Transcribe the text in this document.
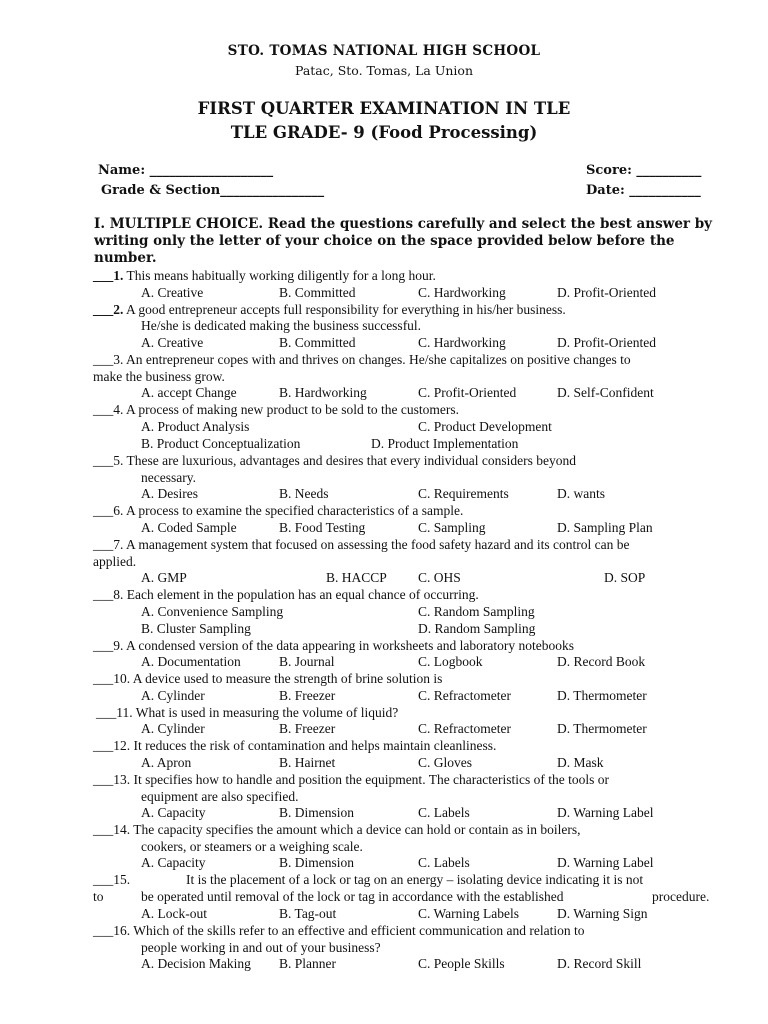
STO. TOMAS NATIONAL HIGH SCHOOL
Patac, Sto. Tomas, La Union
FIRST QUARTER EXAMINATION IN TLE
TLE GRADE- 9 (Food Processing)
Name: ___________________	Score: __________
Grade & Section________________	Date: ___________
I. MULTIPLE CHOICE. Read the questions carefully and select the best answer by writing only the letter of your choice on the space provided below before the number.
___1. This means habitually working diligently for a long hour.
A. Creative	B. Committed	C. Hardworking	D. Profit-Oriented
___2. A good entrepreneur accepts full responsibility for everything in his/her business.
He/she is dedicated making the business successful.
A. Creative	B. Committed	C. Hardworking	D. Profit-Oriented
___3. An entrepreneur copes with and thrives on changes. He/she capitalizes on positive changes to
make the business grow.
A. accept Change	B. Hardworking	C. Profit-Oriented	D. Self-Confident
___4. A process of making new product to be sold to the customers.
A. Product Analysis	C. Product Development
B. Product Conceptualization	D. Product Implementation
___5. These are luxurious, advantages and desires that every individual considers beyond
necessary.
A. Desires	B. Needs	C. Requirements	D. wants
___6. A process to examine the specified characteristics of a sample.
A. Coded Sample	B. Food Testing	C. Sampling	D. Sampling Plan
___7. A management system that focused on assessing the food safety hazard and its control can be
applied.
A. GMP	B. HACCP C. OHS	D. SOP
___8. Each element in the population has an equal chance of occurring.
A. Convenience Sampling	C. Random Sampling
B. Cluster Sampling	D. Random Sampling
___9. A condensed version of the data appearing in worksheets and laboratory notebooks
A. Documentation	B. Journal	C. Logbook	D. Record Book
___10. A device used to measure the strength of brine solution is
A. Cylinder	B. Freezer	C. Refractometer	D. Thermometer
___11. What is used in measuring the volume of liquid?
A. Cylinder	B. Freezer	C. Refractometer	D. Thermometer
___12. It reduces the risk of contamination and helps maintain cleanliness.
A. Apron	B. Hairnet	C. Gloves	D. Mask
___13. It specifies how to handle and position the equipment. The characteristics of the tools or
equipment are also specified.
A. Capacity	B. Dimension	C. Labels	D. Warning Label
___14. The capacity specifies the amount which a device can hold or contain as in boilers,
cookers, or steamers or a weighing scale.
A. Capacity	B. Dimension	C. Labels	D. Warning Label
___15.	It is the placement of a lock or tag on an energy – isolating device indicating it is not
to	be operated until removal of the lock or tag in accordance with the established	procedure.
A. Lock-out	B. Tag-out	C. Warning Labels	D. Warning Sign
___16. Which of the skills refer to an effective and efficient communication and relation to
people working in and out of your business?
A. Decision Making B. Planner	C. People Skills	D. Record Skill
